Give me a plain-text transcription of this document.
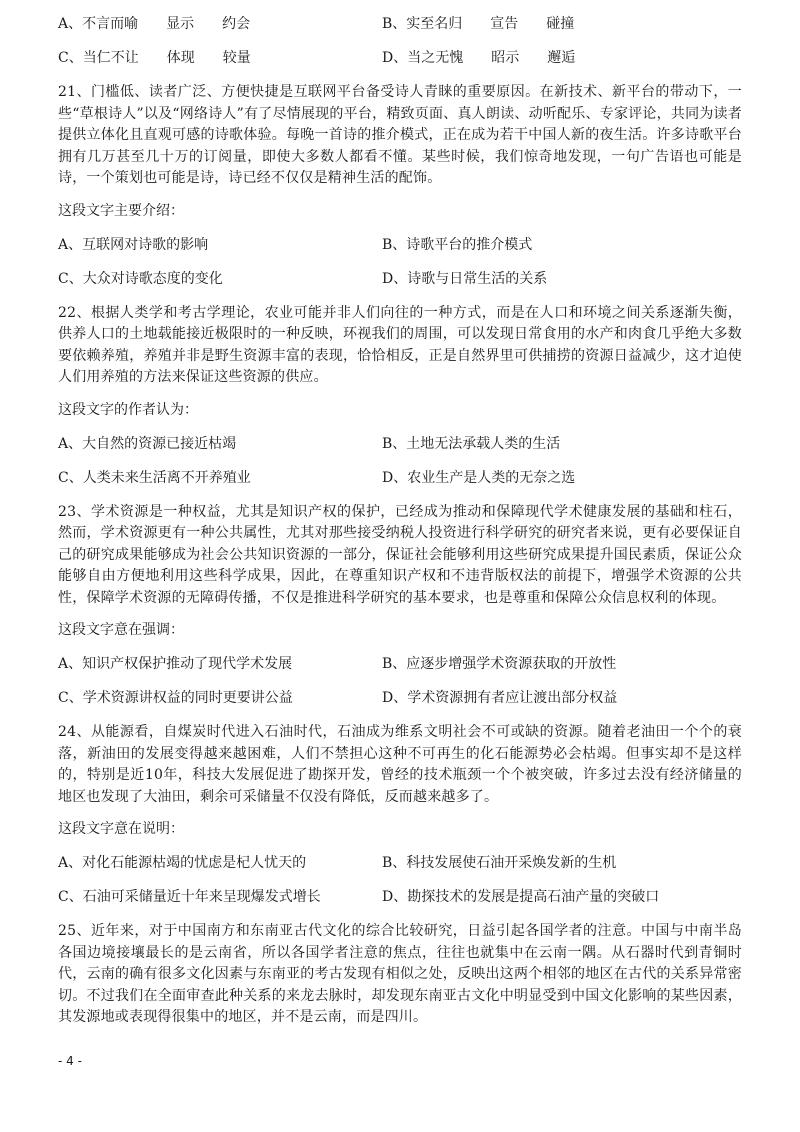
A、不言而喻　　显示　　约会	B、实至名归　　宣告　　碰撞
C、当仁不让　　体现　　较量	D、当之无愧　　昭示　　邂逅

21、门槛低、读者广泛、方便快捷是互联网平台备受诗人青睐的重要原因。在新技术、新平台的带动下，一些“草根诗人”以及“网络诗人”有了尽情展现的平台，精致页面、真人朗读、动听配乐、专家评论，共同为读者提供立体化且直观可感的诗歌体验。每晚一首诗的推介模式，正在成为若干中国人新的夜生活。许多诗歌平台拥有几万甚至几十万的订阅量，即使大多数人都看不懂。某些时候，我们惊奇地发现，一句广告语也可能是诗，一个策划也可能是诗，诗已经不仅仅是精神生活的配饰。

这段文字主要介绍：

A、互联网对诗歌的影响	B、诗歌平台的推介模式
C、大众对诗歌态度的变化	D、诗歌与日常生活的关系

22、根据人类学和考古学理论，农业可能并非人们向往的一种方式，而是在人口和环境之间关系逐渐失衡，供养人口的土地载能接近极限时的一种反映，环视我们的周围，可以发现日常食用的水产和肉食几乎绝大多数要依赖养殖，养殖并非是野生资源丰富的表现，恰恰相反，正是自然界里可供捕捞的资源日益减少，这才迫使人们用养殖的方法来保证这些资源的供应。

这段文字的作者认为：

A、大自然的资源已接近枯竭	B、土地无法承载人类的生活
C、人类未来生活离不开养殖业	D、农业生产是人类的无奈之选

23、学术资源是一种权益，尤其是知识产权的保护，已经成为推动和保障现代学术健康发展的基础和柱石，然而，学术资源更有一种公共属性，尤其对那些接受纳税人投资进行科学研究的研究者来说，更有必要保证自己的研究成果能够成为社会公共知识资源的一部分，保证社会能够利用这些研究成果提升国民素质，保证公众能够自由方便地利用这些科学成果，因此，在尊重知识产权和不违背版权法的前提下，增强学术资源的公共性，保障学术资源的无障碍传播，不仅是推进科学研究的基本要求，也是尊重和保障公众信息权利的体现。

这段文字意在强调：

A、知识产权保护推动了现代学术发展	B、应逐步增强学术资源获取的开放性
C、学术资源讲权益的同时更要讲公益	D、学术资源拥有者应让渡出部分权益

24、从能源看，自煤炭时代进入石油时代，石油成为维系文明社会不可或缺的资源。随着老油田一个个的衰落，新油田的发展变得越来越困难，人们不禁担心这种不可再生的化石能源势必会枯竭。但事实却不是这样的，特别是近10年，科技大发展促进了勘探开发，曾经的技术瓶颈一个个被突破，许多过去没有经济储量的地区也发现了大油田，剩余可采储量不仅没有降低，反而越来越多了。

这段文字意在说明：

A、对化石能源枯竭的忧虑是杞人忧天的	B、科技发展使石油开采焕发新的生机
C、石油可采储量近十年来呈现爆发式增长	D、勘探技术的发展是提高石油产量的突破口

25、近年来，对于中国南方和东南亚古代文化的综合比较研究，日益引起各国学者的注意。中国与中南半岛各国边境接壤最长的是云南省，所以各国学者注意的焦点，往往也就集中在云南一隅。从石器时代到青铜时代，云南的确有很多文化因素与东南亚的考古发现有相似之处，反映出这两个相邻的地区在古代的关系异常密切。不过我们在全面审查此种关系的来龙去脉时，却发现东南亚古文化中明显受到中国文化影响的某些因素，其发源地或表现得很集中的地区，并不是云南，而是四川。

- 4 -
